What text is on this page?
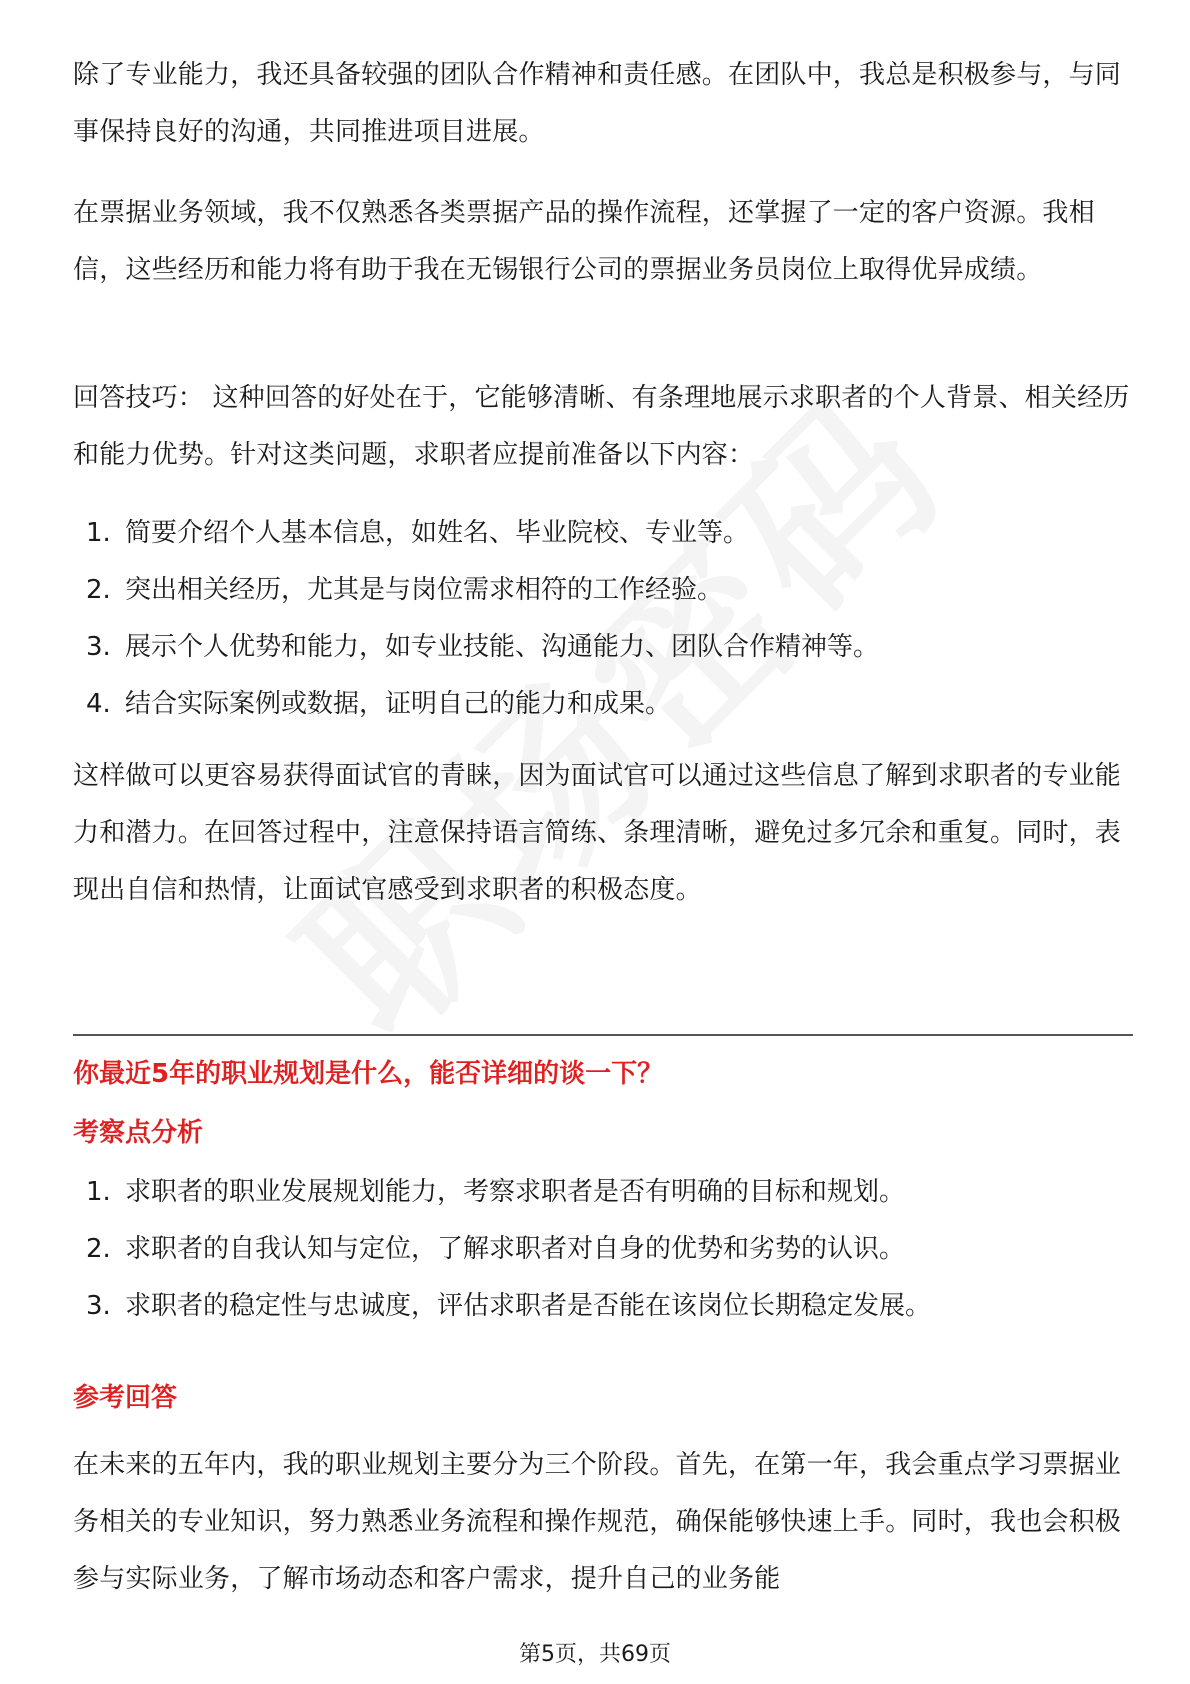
除了专业能力，我还具备较强的团队合作精神和责任感。在团队中，我总是积极参与，与同事保持良好的沟通，共同推进项目进展。

在票据业务领域，我不仅熟悉各类票据产品的操作流程，还掌握了一定的客户资源。我相信，这些经历和能力将有助于我在无锡银行公司的票据业务员岗位上取得优异成绩。

回答技巧： 这种回答的好处在于，它能够清晰、有条理地展示求职者的个人背景、相关经历和能力优势。针对这类问题，求职者应提前准备以下内容：

1. 简要介绍个人基本信息，如姓名、毕业院校、专业等。
2. 突出相关经历，尤其是与岗位需求相符的工作经验。
3. 展示个人优势和能力，如专业技能、沟通能力、团队合作精神等。
4. 结合实际案例或数据，证明自己的能力和成果。

这样做可以更容易获得面试官的青睐，因为面试官可以通过这些信息了解到求职者的专业能力和潜力。在回答过程中，注意保持语言简练、条理清晰，避免过多冗余和重复。同时，表现出自信和热情，让面试官感受到求职者的积极态度。

你最近5年的职业规划是什么，能否详细的谈一下？
考察点分析
1. 求职者的职业发展规划能力，考察求职者是否有明确的目标和规划。
2. 求职者的自我认知与定位，了解求职者对自身的优势和劣势的认识。
3. 求职者的稳定性与忠诚度，评估求职者是否能在该岗位长期稳定发展。
参考回答

在未来的五年内，我的职业规划主要分为三个阶段。首先，在第一年，我会重点学习票据业务相关的专业知识，努力熟悉业务流程和操作规范，确保能够快速上手。同时，我也会积极参与实际业务，了解市场动态和客户需求，提升自己的业务能

第5页，共69页
